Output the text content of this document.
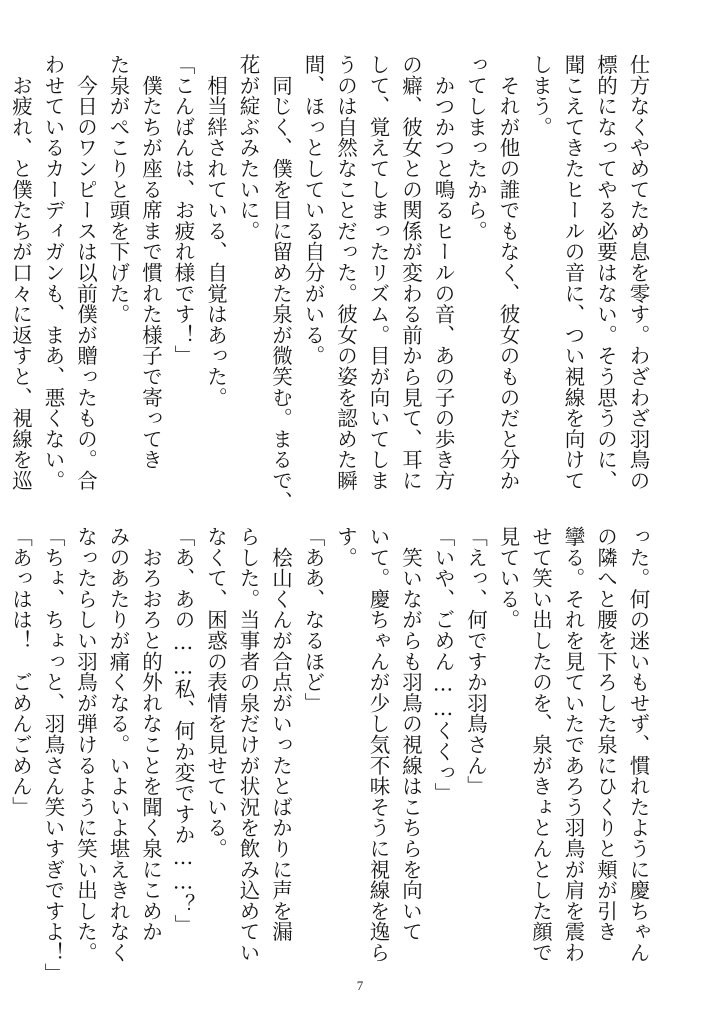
仕方なくやめてため息を零す。わざわざ羽鳥の
標的になってやる必要はない。そう思うのに、
聞こえてきたヒールの音に、つい視線を向けて
しまう。
　それが他の誰でもなく、彼女のものだと分か
ってしまったから。
　かつかつと鳴るヒールの音、あの子の歩き方
の癖、彼女との関係が変わる前から見て、耳に
して、覚えてしまったリズム。目が向いてしま
うのは自然なことだった。彼女の姿を認めた瞬
間、ほっとしている自分がいる。
　同じく、僕を目に留めた泉が微笑む。まるで、
花が綻ぶみたいに。
　相当絆されている、自覚はあった。
「こんばんは、お疲れ様です！」
　僕たちが座る席まで慣れた様子で寄ってき
た泉がぺこりと頭を下げた。
　今日のワンピースは以前僕が贈ったもの。合
わせているカーディガンも、まあ、悪くない。
　お疲れ、と僕たちが口々に返すと、視線を巡

った。何の迷いもせず、慣れたように慶ちゃん
の隣へと腰を下ろした泉にひくりと頬が引き
攣る。それを見ていたであろう羽鳥が肩を震わ
せて笑い出したのを、泉がきょとんとした顔で
見ている。
「えっ、何ですか羽鳥さん」
「いや、ごめん……くくっ」
　笑いながらも羽鳥の視線はこちらを向いて
いて。慶ちゃんが少し気不味そうに視線を逸ら
す。
「ああ、なるほど」
　桧山くんが合点がいったとばかりに声を漏
らした。当事者の泉だけが状況を飲み込めてい
なくて、困惑の表情を見せている。
「あ、あの……私、何か変ですか……？」
　おろおろと的外れなことを聞く泉にこめか
みのあたりが痛くなる。いよいよ堪えきれなく
なったらしい羽鳥が弾けるように笑い出した。
「ちょ、ちょっと、羽鳥さん笑いすぎですよ！」
「あっはは！　ごめんごめん」

7
